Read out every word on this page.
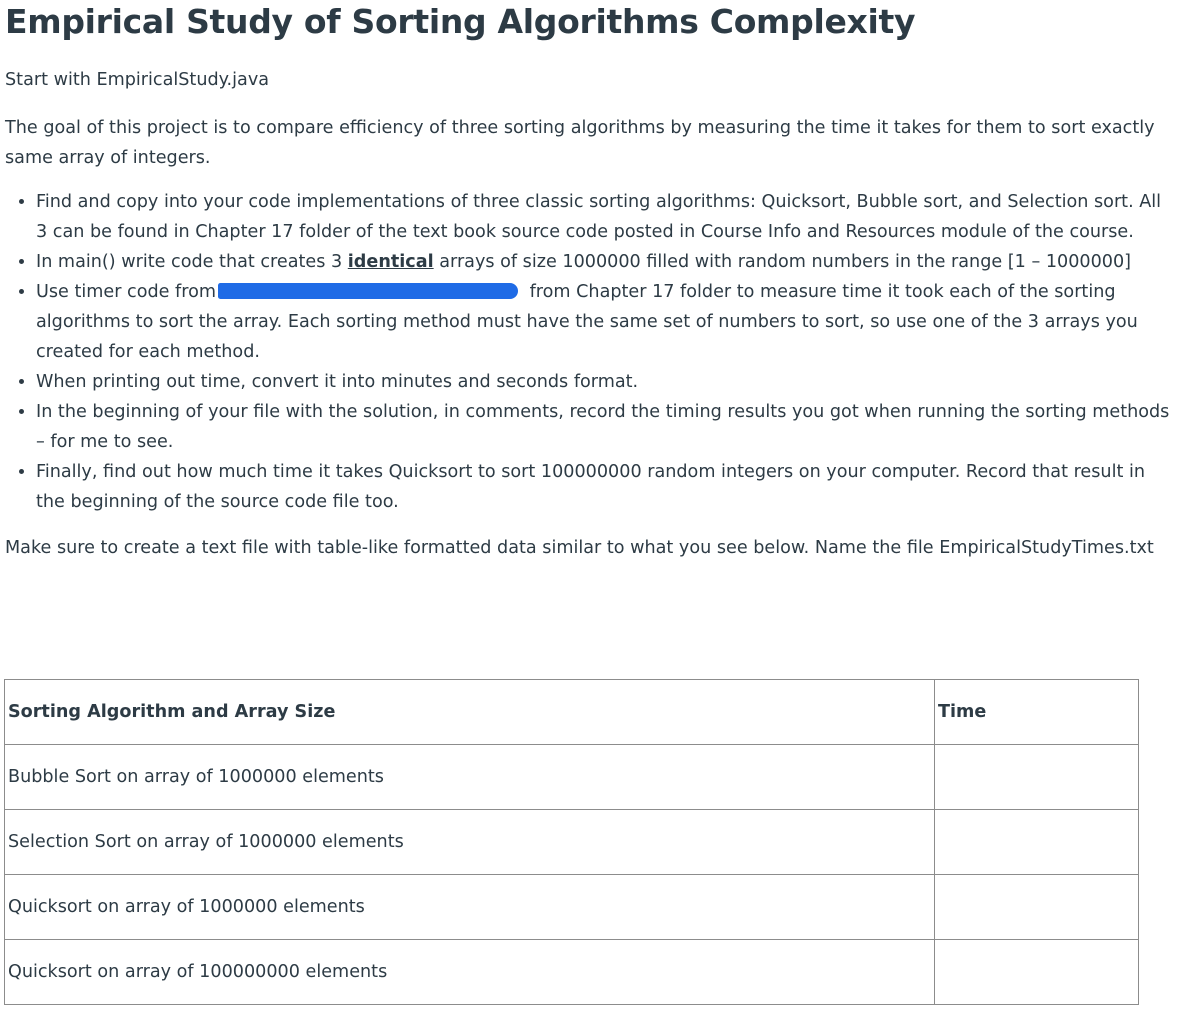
Empirical Study of Sorting Algorithms Complexity

Start with EmpiricalStudy.java

The goal of this project is to compare efficiency of three sorting algorithms by measuring the time it takes for them to sort exactly same array of integers.

• Find and copy into your code implementations of three classic sorting algorithms: Quicksort, Bubble sort, and Selection sort. All 3 can be found in Chapter 17 folder of the text book source code posted in Course Info and Resources module of the course.
• In main() write code that creates 3 identical arrays of size 1000000 filled with random numbers in the range [1 – 1000000]
• Use timer code from	from Chapter 17 folder to measure time it took each of the sorting algorithms to sort the array. Each sorting method must have the same set of numbers to sort, so use one of the 3 arrays you created for each method.
• When printing out time, convert it into minutes and seconds format.
• In the beginning of your file with the solution, in comments, record the timing results you got when running the sorting methods – for me to see.
• Finally, find out how much time it takes Quicksort to sort 100000000 random integers on your computer. Record that result in the beginning of the source code file too.

Make sure to create a text file with table-like formatted data similar to what you see below. Name the file EmpiricalStudyTimes.txt

Sorting Algorithm and Array Size	Time
Bubble Sort on array of 1000000 elements	
Selection Sort on array of 1000000 elements	
Quicksort on array of 1000000 elements	
Quicksort on array of 100000000 elements	
